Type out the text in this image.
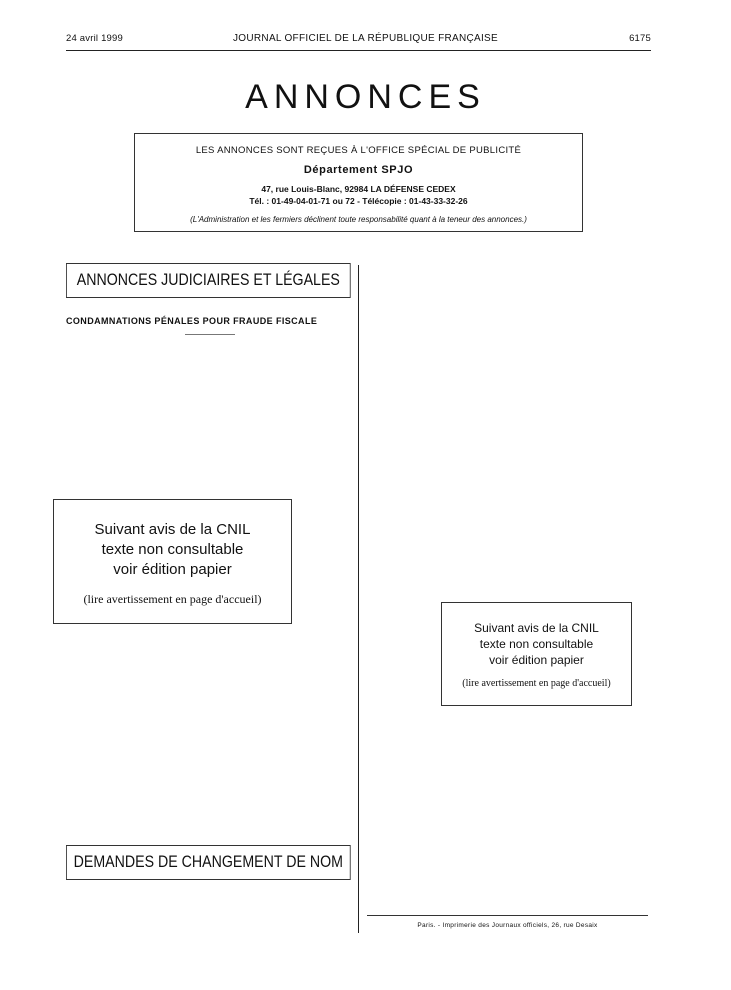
24 avril 1999	JOURNAL OFFICIEL DE LA RÉPUBLIQUE FRANÇAISE	6175
ANNONCES
LES ANNONCES SONT REÇUES À L'OFFICE SPÉCIAL DE PUBLICITÉ
Département SPJO
47, rue Louis-Blanc, 92984 LA DÉFENSE CEDEX
Tél. : 01-49-04-01-71 ou 72 - Télécopie : 01-43-33-32-26
(L'Administration et les fermiers déclinent toute responsabilité quant à la teneur des annonces.)
ANNONCES JUDICIAIRES ET LÉGALES
CONDAMNATIONS PÉNALES POUR FRAUDE FISCALE
Suivant avis de la CNIL
texte non consultable
voir édition papier
(lire avertissement en page d'accueil)
DEMANDES DE CHANGEMENT DE NOM
Suivant avis de la CNIL
texte non consultable
voir édition papier
(lire avertissement en page d'accueil)
Paris. - Imprimerie des Journaux officiels, 26, rue Desaix
